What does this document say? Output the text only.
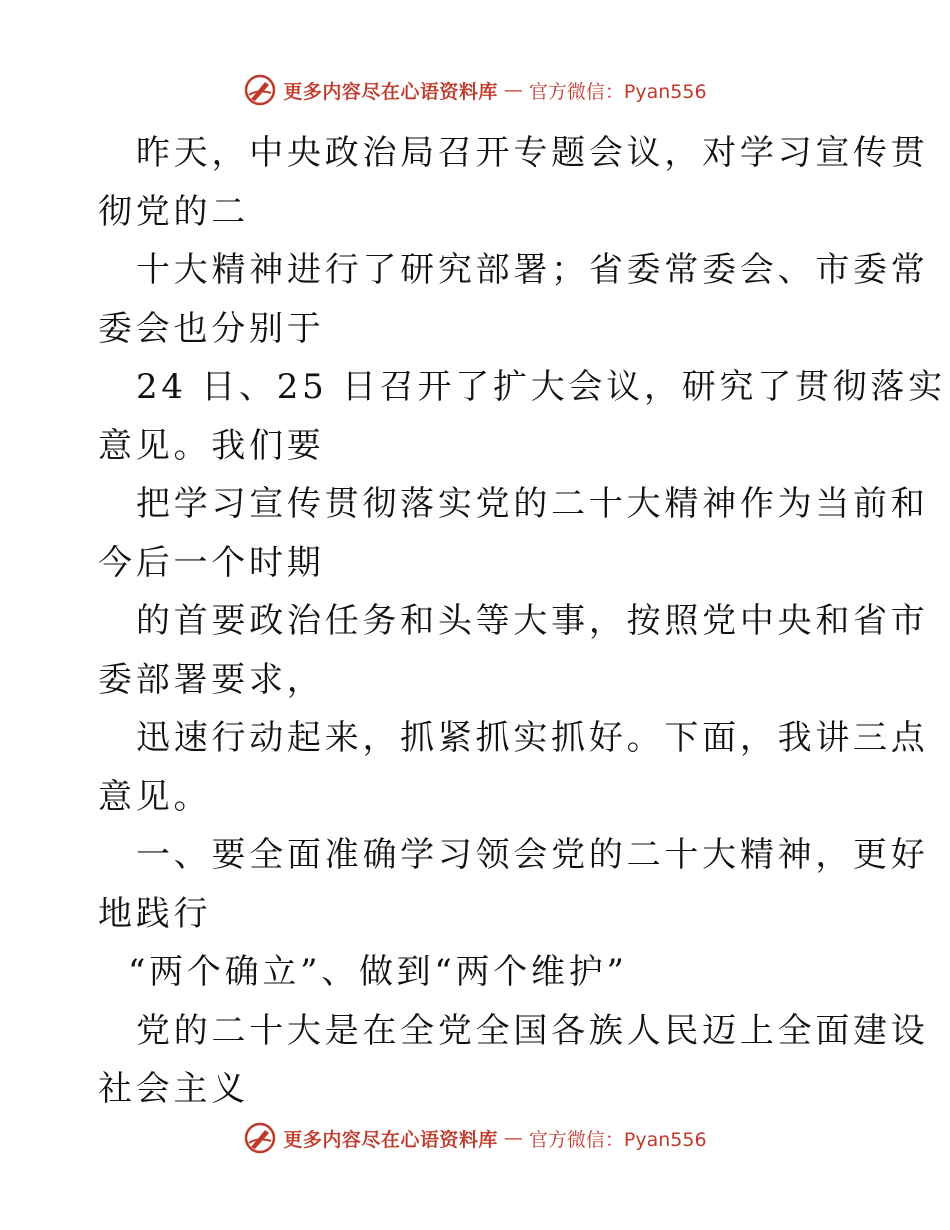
更多内容尽在心语资料库 — 官方微信：Pyan556
昨天，中央政治局召开专题会议，对学习宣传贯
彻党的二
十大精神进行了研究部署；省委常委会、市委常
委会也分别于
24 日、25 日召开了扩大会议，研究了贯彻落实
意见。我们要
把学习宣传贯彻落实党的二十大精神作为当前和
今后一个时期
的首要政治任务和头等大事，按照党中央和省市
委部署要求，
迅速行动起来，抓紧抓实抓好。下面，我讲三点
意见。
一、要全面准确学习领会党的二十大精神，更好
地践行
“两个确立”、做到“两个维护”
党的二十大是在全党全国各族人民迈上全面建设
社会主义
更多内容尽在心语资料库 — 官方微信：Pyan556
